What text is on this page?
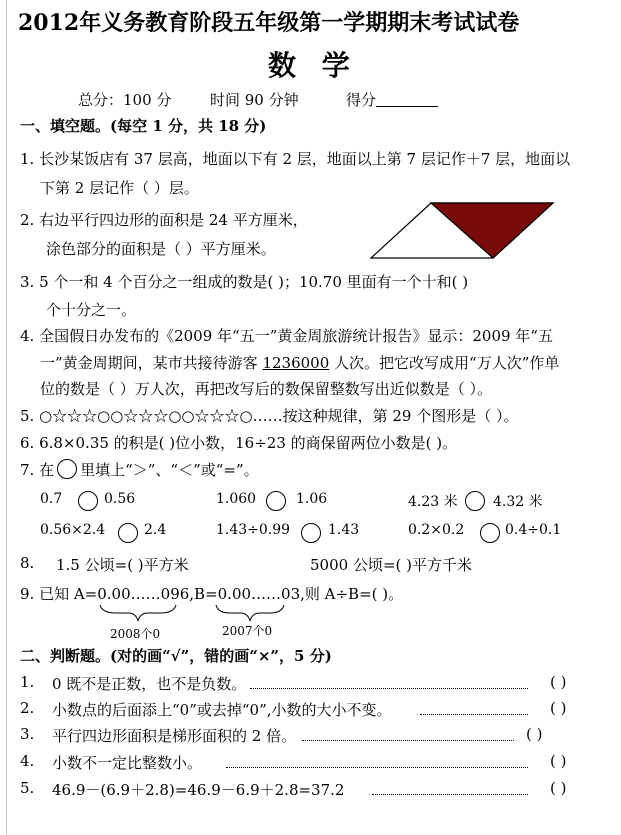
2012年义务教育阶段五年级第一学期期末考试试卷
数 学
总分：100 分	时间 90 分钟	得分
一、填空题。(每空 1 分，共 18 分)
1. 长沙某饭店有 37 层高，地面以下有 2 层，地面以上第 7 层记作＋7 层，地面以
下第 2 层记作（ ）层。
2. 右边平行四边形的面积是 24 平方厘米，
涂色部分的面积是（ ）平方厘米。
3. 5 个一和 4 个百分之一组成的数是( )；10.70 里面有一个十和( )
个十分之一。
4. 全国假日办发布的《2009 年“五一”黄金周旅游统计报告》显示：2009 年“五
一”黄金周期间，某市共接待游客 1236000 人次。把它改写成用“万人次”作单
位的数是（ ）万人次，再把改写后的数保留整数写出近似数是（ ）。
5. ○☆☆☆○○☆☆☆○○☆☆☆○……按这种规律，第 29 个图形是（ ）。
6. 6.8×0.35 的积是( )位小数，16÷23 的商保留两位小数是( )。
7. 在 里填上“＞”、“＜”或“=”。
0.7	0.56	1.060	1.06	4.23 米	4.32 米
0.56×2.4	2.4	1.43÷0.99	1.43	0.2×0.2	0.4÷0.1
8. 1.5 公顷=( )平方米	5000 公顷=( )平方千米
9. 已知 A=0.00……096,B=0.00……03,则 A÷B=( )。
2008个0	2007个0
二、判断题。(对的画“√”，错的画“×”，5 分)
1. 0 既不是正数，也不是负数。	( )
2. 小数点的后面添上“0”或去掉“0”,小数的大小不变。	( )
3. 平行四边形面积是梯形面积的 2 倍。	( )
4. 小数不一定比整数小。	( )
5. 46.9－(6.9＋2.8)=46.9－6.9＋2.8=37.2	( )
